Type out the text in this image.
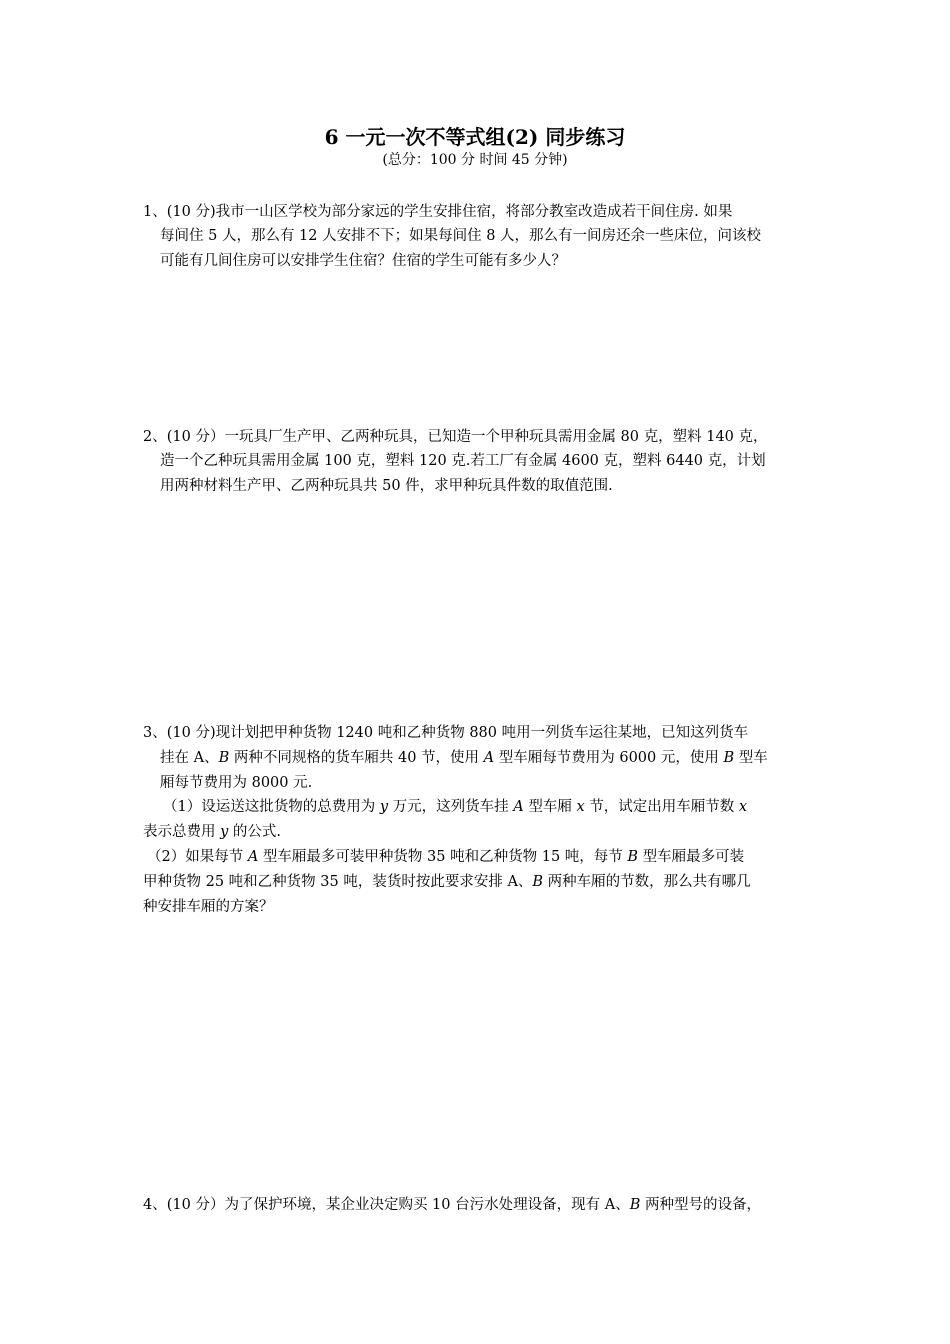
6 一元一次不等式组(2) 同步练习
(总分：100 分 时间 45 分钟)
1、(10 分)我市一山区学校为部分家远的学生安排住宿，将部分教室改造成若干间住房. 如果
每间住 5 人，那么有 12 人安排不下；如果每间住 8 人，那么有一间房还余一些床位，问该校
可能有几间住房可以安排学生住宿？住宿的学生可能有多少人？
2、(10 分）一玩具厂生产甲、乙两种玩具，已知造一个甲种玩具需用金属 80 克，塑料 140 克，
造一个乙种玩具需用金属 100 克，塑料 120 克.若工厂有金属 4600 克，塑料 6440 克，计划
用两种材料生产甲、乙两种玩具共 50 件，求甲种玩具件数的取值范围.
3、(10 分)现计划把甲种货物 1240 吨和乙种货物 880 吨用一列货车运往某地，已知这列货车
挂在 A、B 两种不同规格的货车厢共 40 节，使用 A 型车厢每节费用为 6000 元，使用 B 型车
厢每节费用为 8000 元.
（1）设运送这批货物的总费用为 y 万元，这列货车挂 A 型车厢 x 节，试定出用车厢节数 x
表示总费用 y 的公式.
（2）如果每节 A 型车厢最多可装甲种货物 35 吨和乙种货物 15 吨，每节 B 型车厢最多可装
甲种货物 25 吨和乙种货物 35 吨，装货时按此要求安排 A、B 两种车厢的节数，那么共有哪几
种安排车厢的方案？
4、(10 分）为了保护环境，某企业决定购买 10 台污水处理设备，现有 A、B 两种型号的设备，
